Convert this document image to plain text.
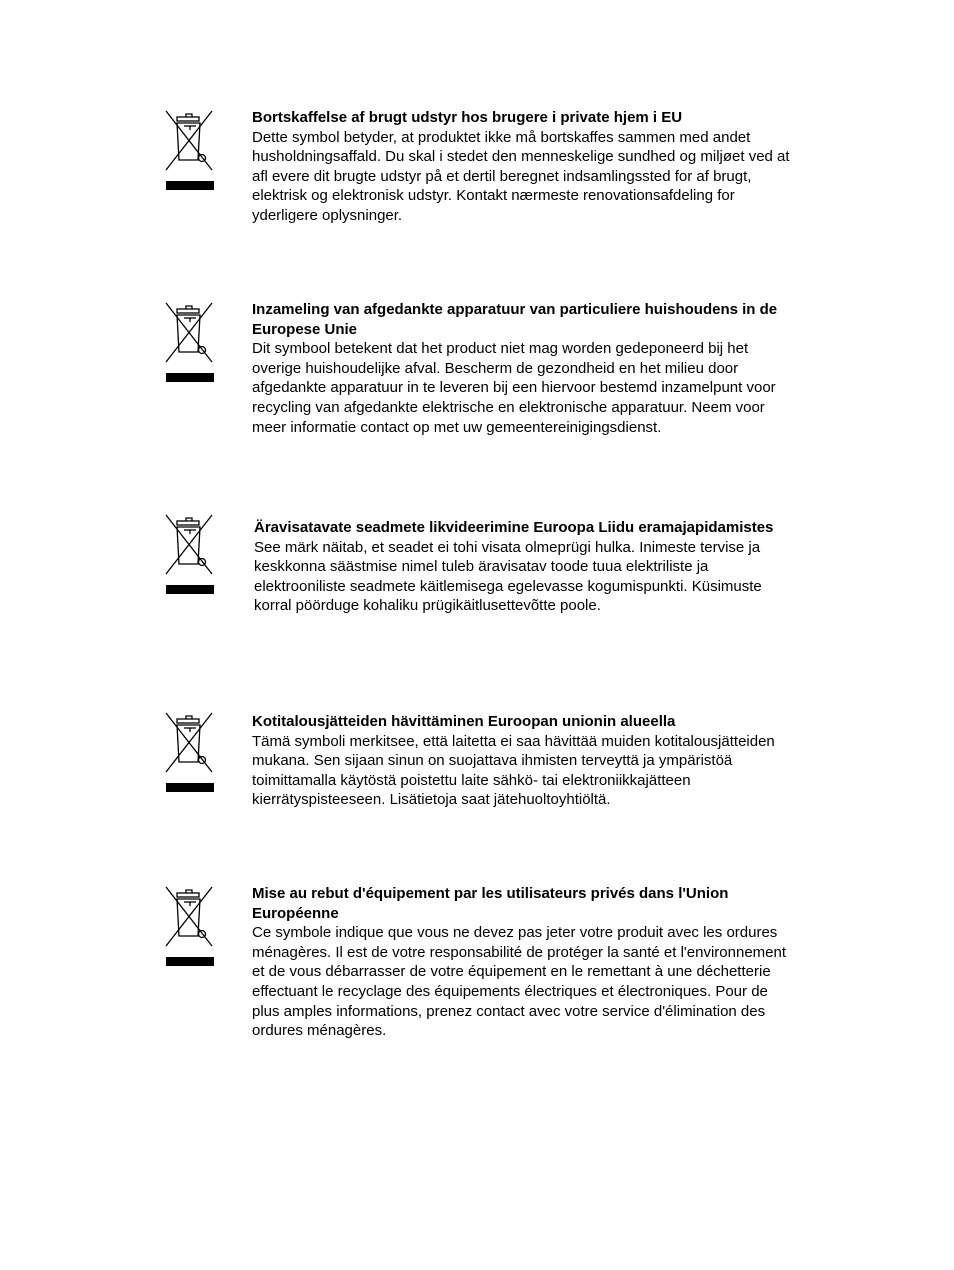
Bortskaffelse af brugt udstyr hos brugere i private hjem i EU

Dette symbol betyder, at produktet ikke må bortskaffes sammen med andet husholdningsaffald. Du skal i stedet den menneskelige sundhed og miljøet ved at afl evere dit brugte udstyr på et dertil beregnet indsamlingssted for af brugt, elektrisk og elektronisk udstyr. Kontakt nærmeste renovationsafdeling for yderligere oplysninger.

Inzameling van afgedankte apparatuur van particuliere huishoudens in de Europese Unie

Dit symbool betekent dat het product niet mag worden gedeponeerd bij het overige huishoudelijke afval. Bescherm de gezondheid en het milieu door afgedankte apparatuur in te leveren bij een hiervoor bestemd inzamelpunt voor recycling van afgedankte elektrische en elektronische apparatuur. Neem voor meer informatie contact op met uw gemeentereinigingsdienst.

Äravisatavate seadmete likvideerimine Euroopa Liidu eramajapidamistes

See märk näitab, et seadet ei tohi visata olmeprügi hulka. Inimeste tervise ja keskkonna säästmise nimel tuleb äravisatav toode tuua elektriliste ja elektrooniliste seadmete käitlemisega egelevasse kogumispunkti. Küsimuste korral pöörduge kohaliku prügikäitlusettevõtte poole.

Kotitalousjätteiden hävittäminen Euroopan unionin alueella

Tämä symboli merkitsee, että laitetta ei saa hävittää muiden kotitalousjätteiden mukana. Sen sijaan sinun on suojattava ihmisten terveyttä ja ympäristöä toimittamalla käytöstä poistettu laite sähkö- tai elektroniikkajätteen kierrätyspisteeseen. Lisätietoja saat jätehuoltoyhtiöltä.

Mise au rebut d'équipement par les utilisateurs privés dans l'Union Européenne

Ce symbole indique que vous ne devez pas jeter votre produit avec les ordures ménagères. Il est de votre responsabilité de protéger la santé et l'environnement et de vous débarrasser de votre équipement en le remettant à une déchetterie effectuant le recyclage des équipements électriques et électroniques. Pour de plus amples informations, prenez contact avec votre service d'élimination des ordures ménagères.
